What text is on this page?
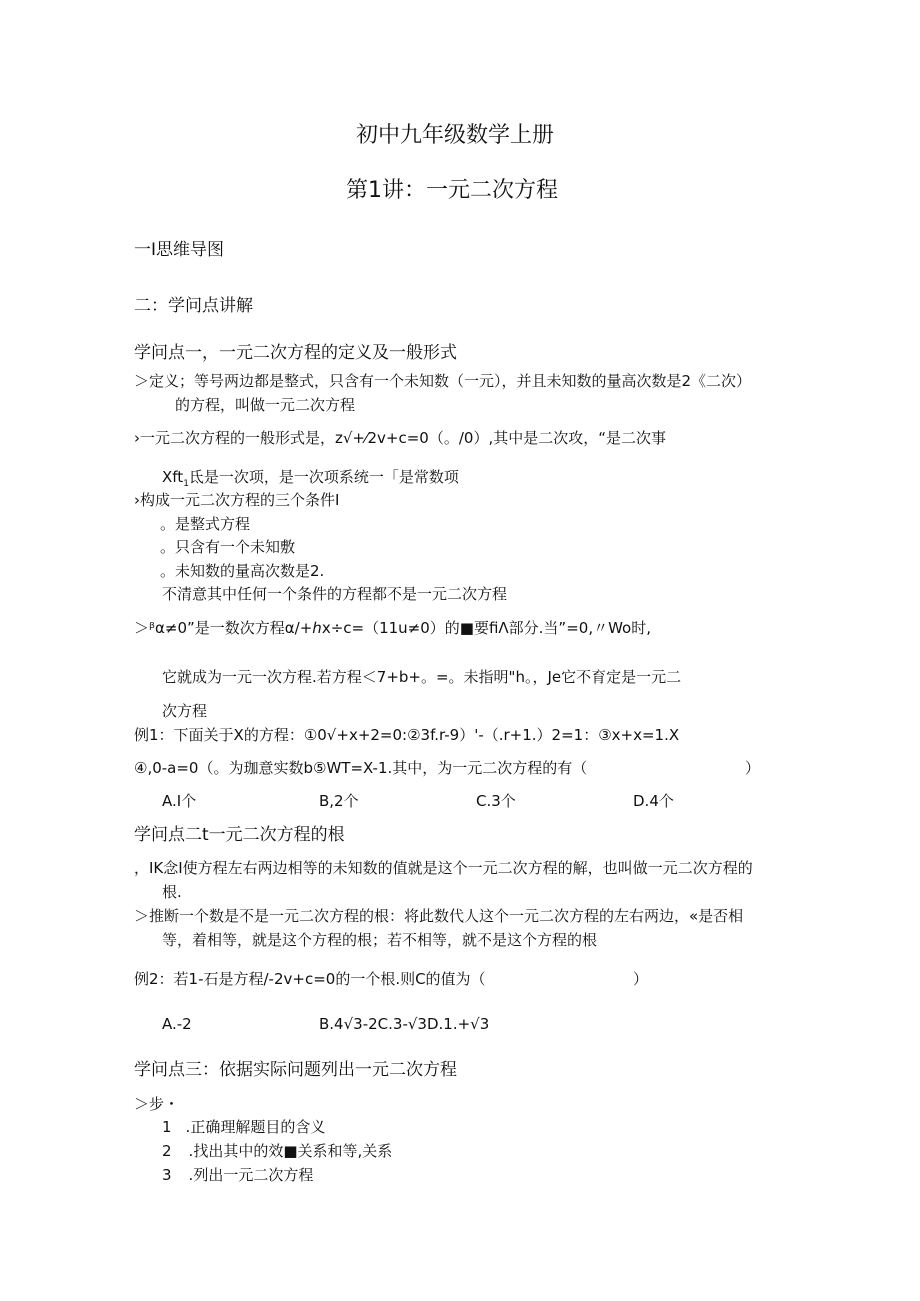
初中九年级数学上册
第1讲：一元二次方程
一I思维导图
二：学问点讲解
学问点一，一元二次方程的定义及一般形式
＞定义；等号两边都是整式，只含有一个未知数（一元），并且未知数的量高次数是2《二次）
的方程，叫做一元二次方程
›一元二次方程的一般形式是，z√+⁄2v+c=0（。/0）,其中是二次攻，“是二次事
Xft$_1$氐是一次项，是一次项系统一「是常数项
›构成一元二次方程的三个条件I
。是整式方程
。只含有一个未知敷
。未知数的量高次数是2.
不清意其中任何一个条件的方程都不是一元二次方程
＞ᵝα≠0”是一数次方程α/+ℎx÷c=（11u≠0）的■要fiΛ部分.当”=0,〃Wo时,
它就成为一元一次方程.若方程＜7+b+。=。未指明"h。，Je它不育定是一元二
次方程
例1：下面关于X的方程：①0√+x+2=0:②3f.r-9）'-（.r+1.）2=1：③x+x=1.X
④,0-a=0（。为珈意实数b⑤WT=X-1.其中，为一元二次方程的有（	）
A.I个	B,2个	C.3个	D.4个
学问点二t一元二次方程的根
，IK念I使方程左右两边相等的未知数的值就是这个一元二次方程的解，也叫做一元二次方程的
根.
＞推断一个数是不是一元二次方程的根：将此数代人这个一元二次方程的左右两边，«是否相
等，着相等，就是这个方程的根；若不相等，就不是这个方程的根
例2：若1-石是方程/-2v+c=0的一个根.则C的值为（	）
A.-2	B.4√3-2C.3-√3D.1.+√3
学问点三：依据实际问题列出一元二次方程
＞步・
1 .正确理解题目的含义
2 .找出其中的效■关系和等,关系
3 .列出一元二次方程
